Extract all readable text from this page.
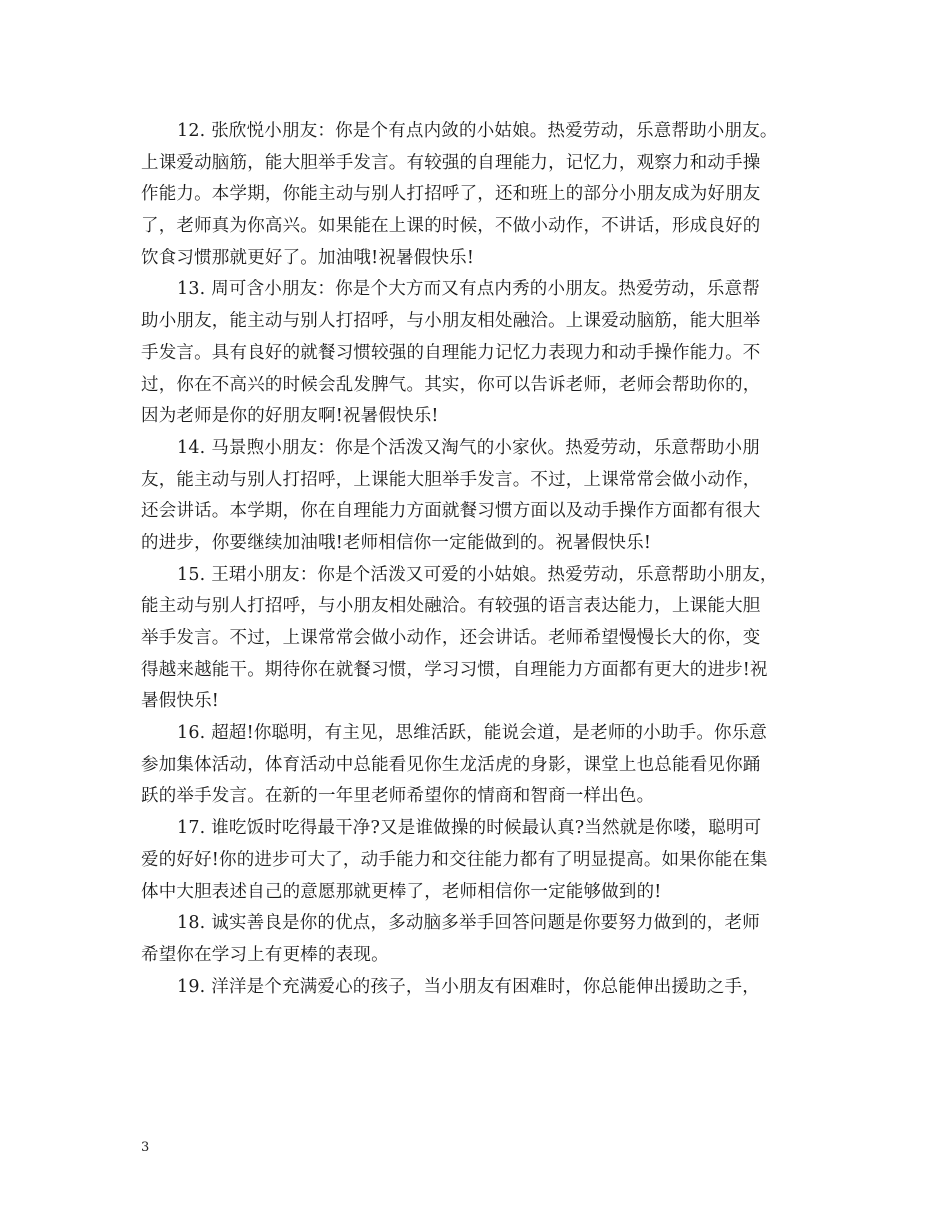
12. 张欣悦小朋友：你是个有点内敛的小姑娘。热爱劳动，乐意帮助小朋友。
上课爱动脑筋，能大胆举手发言。有较强的自理能力，记忆力，观察力和动手操
作能力。本学期，你能主动与别人打招呼了，还和班上的部分小朋友成为好朋友
了，老师真为你高兴。如果能在上课的时候，不做小动作，不讲话，形成良好的
饮食习惯那就更好了。加油哦!祝暑假快乐!
13. 周可含小朋友：你是个大方而又有点内秀的小朋友。热爱劳动，乐意帮
助小朋友，能主动与别人打招呼，与小朋友相处融洽。上课爱动脑筋，能大胆举
手发言。具有良好的就餐习惯较强的自理能力记忆力表现力和动手操作能力。不
过，你在不高兴的时候会乱发脾气。其实，你可以告诉老师，老师会帮助你的，
因为老师是你的好朋友啊!祝暑假快乐!
14. 马景煦小朋友：你是个活泼又淘气的小家伙。热爱劳动，乐意帮助小朋
友，能主动与别人打招呼，上课能大胆举手发言。不过，上课常常会做小动作，
还会讲话。本学期，你在自理能力方面就餐习惯方面以及动手操作方面都有很大
的进步，你要继续加油哦!老师相信你一定能做到的。祝暑假快乐!
15. 王珺小朋友：你是个活泼又可爱的小姑娘。热爱劳动，乐意帮助小朋友，
能主动与别人打招呼，与小朋友相处融洽。有较强的语言表达能力，上课能大胆
举手发言。不过，上课常常会做小动作，还会讲话。老师希望慢慢长大的你，变
得越来越能干。期待你在就餐习惯，学习习惯，自理能力方面都有更大的进步!祝
暑假快乐!
16. 超超!你聪明，有主见，思维活跃，能说会道，是老师的小助手。你乐意
参加集体活动，体育活动中总能看见你生龙活虎的身影，课堂上也总能看见你踊
跃的举手发言。在新的一年里老师希望你的情商和智商一样出色。
17. 谁吃饭时吃得最干净?又是谁做操的时候最认真?当然就是你喽，聪明可
爱的好好!你的进步可大了，动手能力和交往能力都有了明显提高。如果你能在集
体中大胆表述自己的意愿那就更棒了，老师相信你一定能够做到的!
18. 诚实善良是你的优点，多动脑多举手回答问题是你要努力做到的，老师
希望你在学习上有更棒的表现。
19. 洋洋是个充满爱心的孩子，当小朋友有困难时，你总能伸出援助之手，
3
